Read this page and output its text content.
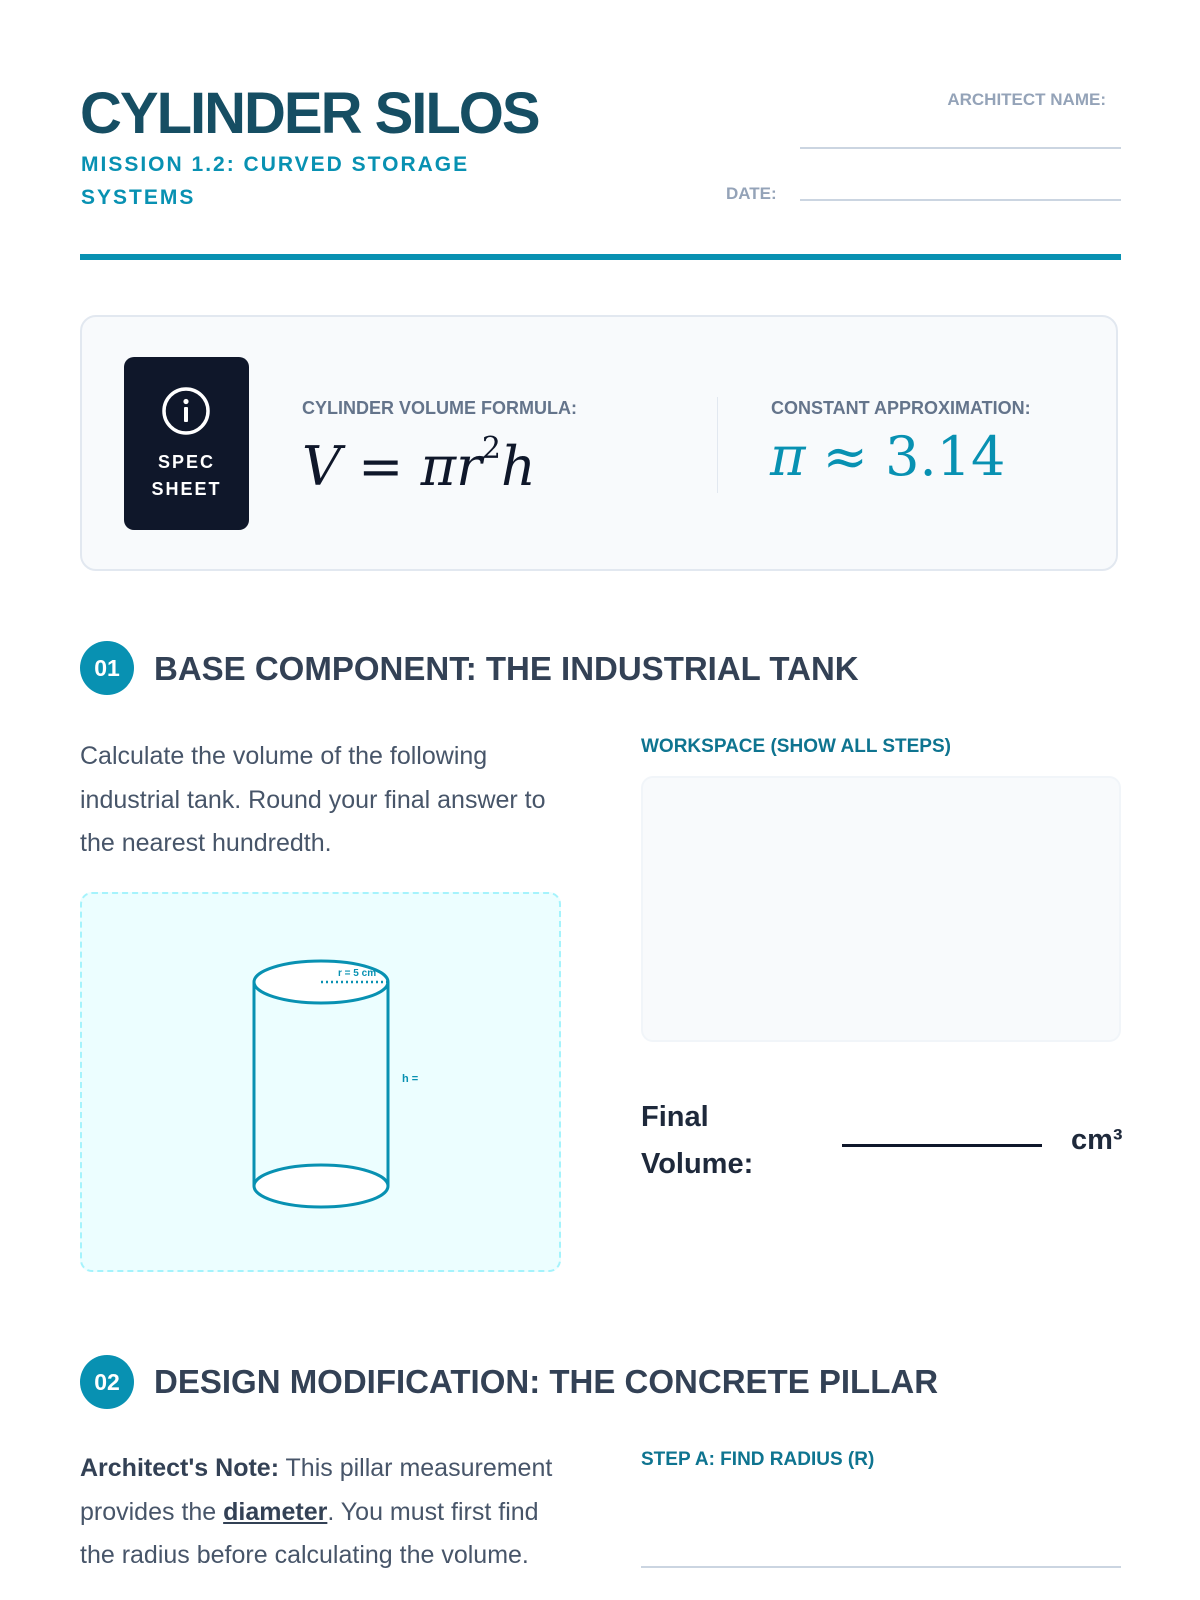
CYLINDER SILOS
MISSION 1.2: CURVED STORAGE SYSTEMS
ARCHITECT NAME:
DATE:
SPEC SHEET
CYLINDER VOLUME FORMULA:
$V = \pi r^2h$
CONSTANT APPROXIMATION:
π ≈ 3.14
01	BASE COMPONENT: THE INDUSTRIAL TANK
Calculate the volume of the following industrial tank. Round your final answer to the nearest hundredth.
r = 5 cm
h =
WORKSPACE (SHOW ALL STEPS)
Final Volume:
cm³
02	DESIGN MODIFICATION: THE CONCRETE PILLAR
Architect's Note: This pillar measurement provides the diameter. You must first find the radius before calculating the volume.
STEP A: FIND RADIUS (R)
